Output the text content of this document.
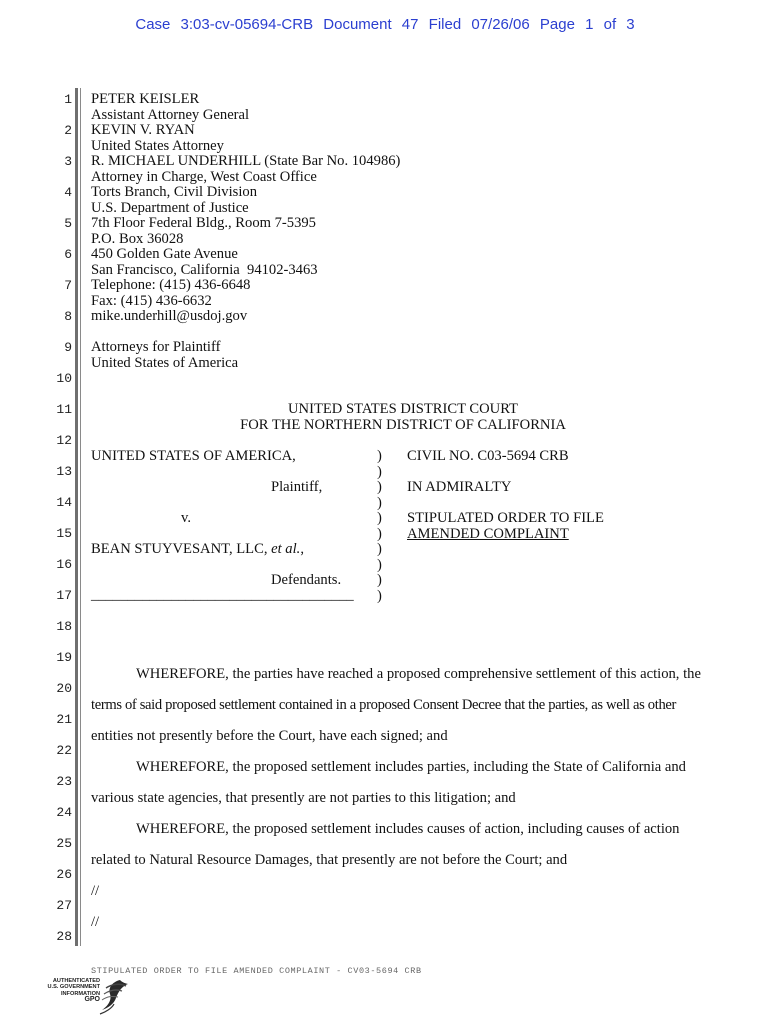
Case 3:03-cv-05694-CRB Document 47 Filed 07/26/06 Page 1 of 3
1
2
3
4
5
6
7
8
9
10
11
12
13
14
15
16
17
18
19
20
21
22
23
24
25
26
27
28
PETER KEISLER
Assistant Attorney General
KEVIN V. RYAN
United States Attorney
R. MICHAEL UNDERHILL (State Bar No. 104986)
Attorney in Charge, West Coast Office
Torts Branch, Civil Division
U.S. Department of Justice
7th Floor Federal Bldg., Room 7-5395
P.O. Box 36028
450 Golden Gate Avenue
San Francisco, California  94102-3463
Telephone: (415) 436-6648
Fax: (415) 436-6632
mike.underhill@usdoj.gov
Attorneys for Plaintiff
United States of America
UNITED STATES DISTRICT COURT
FOR THE NORTHERN DISTRICT OF CALIFORNIA
UNITED STATES OF AMERICA,
Plaintiff,
v.
BEAN STUYVESANT, LLC, et al.,
Defendants.
____________________________________
)
)
)
)
)
)
)
)
)
)
CIVIL NO. C03-5694 CRB
IN ADMIRALTY
STIPULATED ORDER TO FILE
AMENDED COMPLAINT
WHEREFORE, the parties have reached a proposed comprehensive settlement of this action, the
terms of said proposed settlement contained in a proposed Consent Decree that the parties, as well as other
entities not presently before the Court, have each signed; and
WHEREFORE, the proposed settlement includes parties, including the State of California and
various state agencies, that presently are not parties to this litigation; and
WHEREFORE, the proposed settlement includes causes of action, including causes of action
related to Natural Resource Damages, that presently are not before the Court; and
//
//
STIPULATED ORDER TO FILE AMENDED COMPLAINT - CV03-5694 CRB
AUTHENTICATED
U.S. GOVERNMENT
INFORMATION
GPO
